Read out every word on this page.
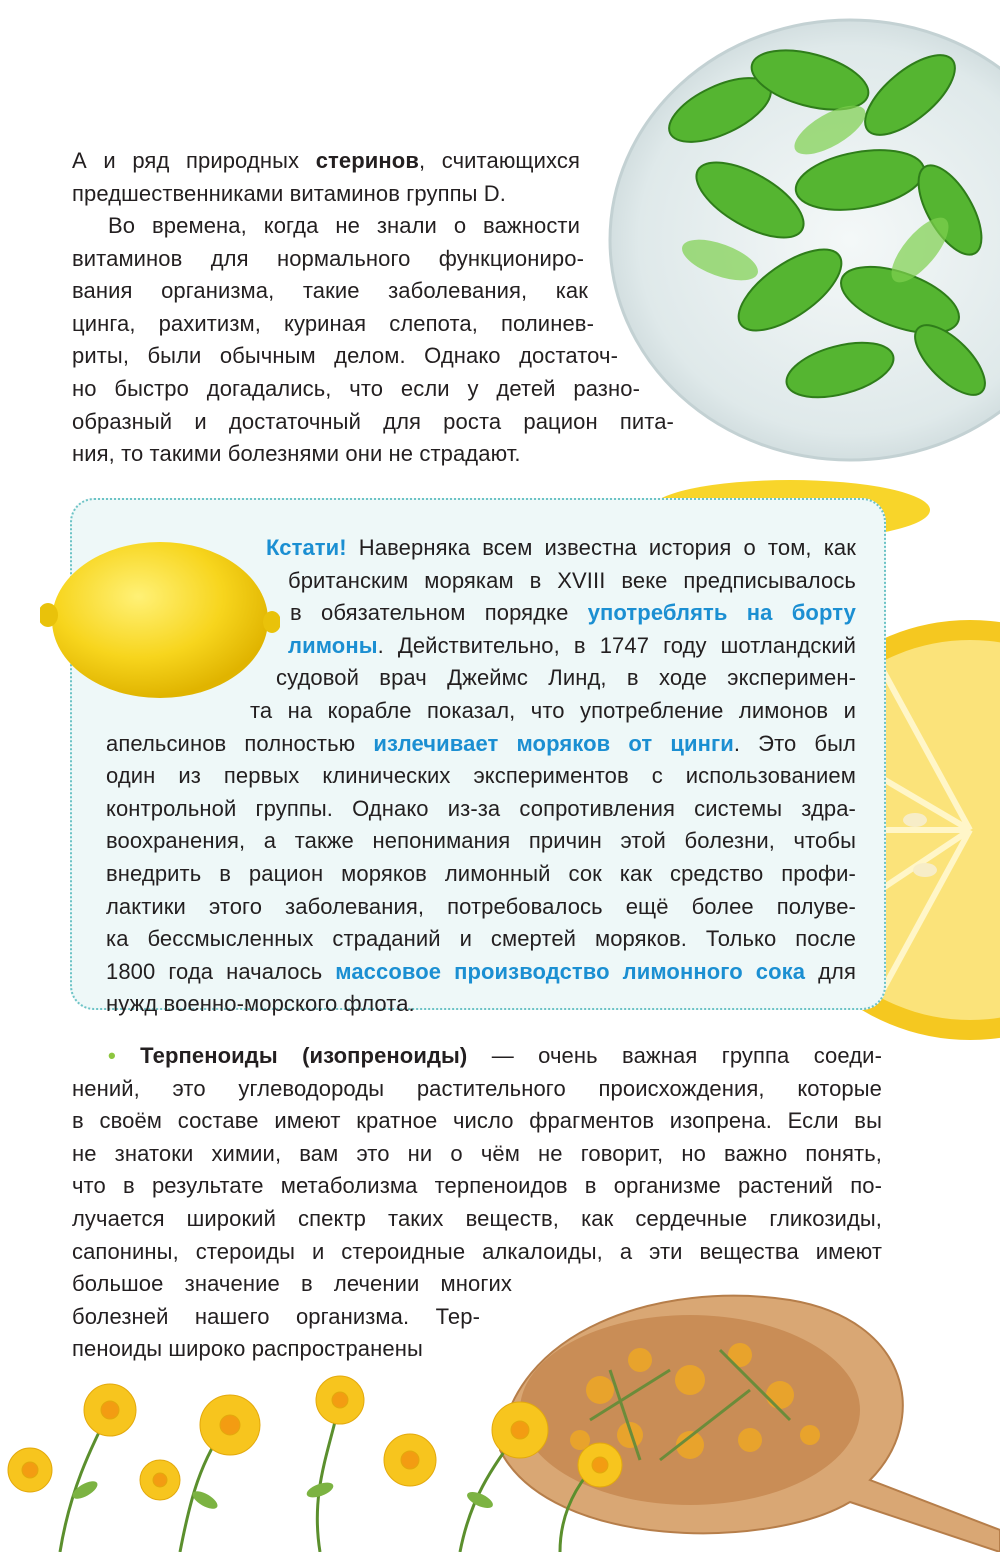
А и ряд природных стеринов, считающихся
предшественниками витаминов группы D.
Во времена, когда не знали о важности
витаминов для нормального функциониро-
вания организма, такие заболевания, как
цинга, рахитизм, куриная слепота, полинев-
риты, были обычным делом. Однако достаточ-
но быстро догадались, что если у детей разно-
образный и достаточный для роста рацион пита-
ния, то такими болезнями они не страдают.
Кстати! Наверняка всем известна история о том, как
британским морякам в XVIII веке предписывалось
в обязательном порядке употреблять на борту
лимоны. Действительно, в 1747 году шотландский
судовой врач Джеймс Линд, в ходе эксперимен-
та на корабле показал, что употребление лимонов и
апельсинов полностью излечивает моряков от цинги. Это был
один из первых клинических экспериментов с использованием
контрольной группы. Однако из-за сопротивления системы здра-
воохранения, а также непонимания причин этой болезни, чтобы
внедрить в рацион моряков лимонный сок как средство профи-
лактики этого заболевания, потребовалось ещё более полуве-
ка бессмысленных страданий и смертей моряков. Только после
1800 года началось массовое производство лимонного сока для
нужд военно-морского флота.
• Терпеноиды (изопреноиды) — очень важная группа соеди-
нений, это углеводороды растительного происхождения, которые
в своём составе имеют кратное число фрагментов изопрена. Если вы
не знатоки химии, вам это ни о чём не говорит, но важно понять,
что в результате метаболизма терпеноидов в организме растений по-
лучается широкий спектр таких веществ, как сердечные гликозиды,
сапонины, стероиды и стероидные алкалоиды, а эти вещества имеют
большое значение в лечении многих
болезней нашего организма. Тер-
пеноиды широко распространены
